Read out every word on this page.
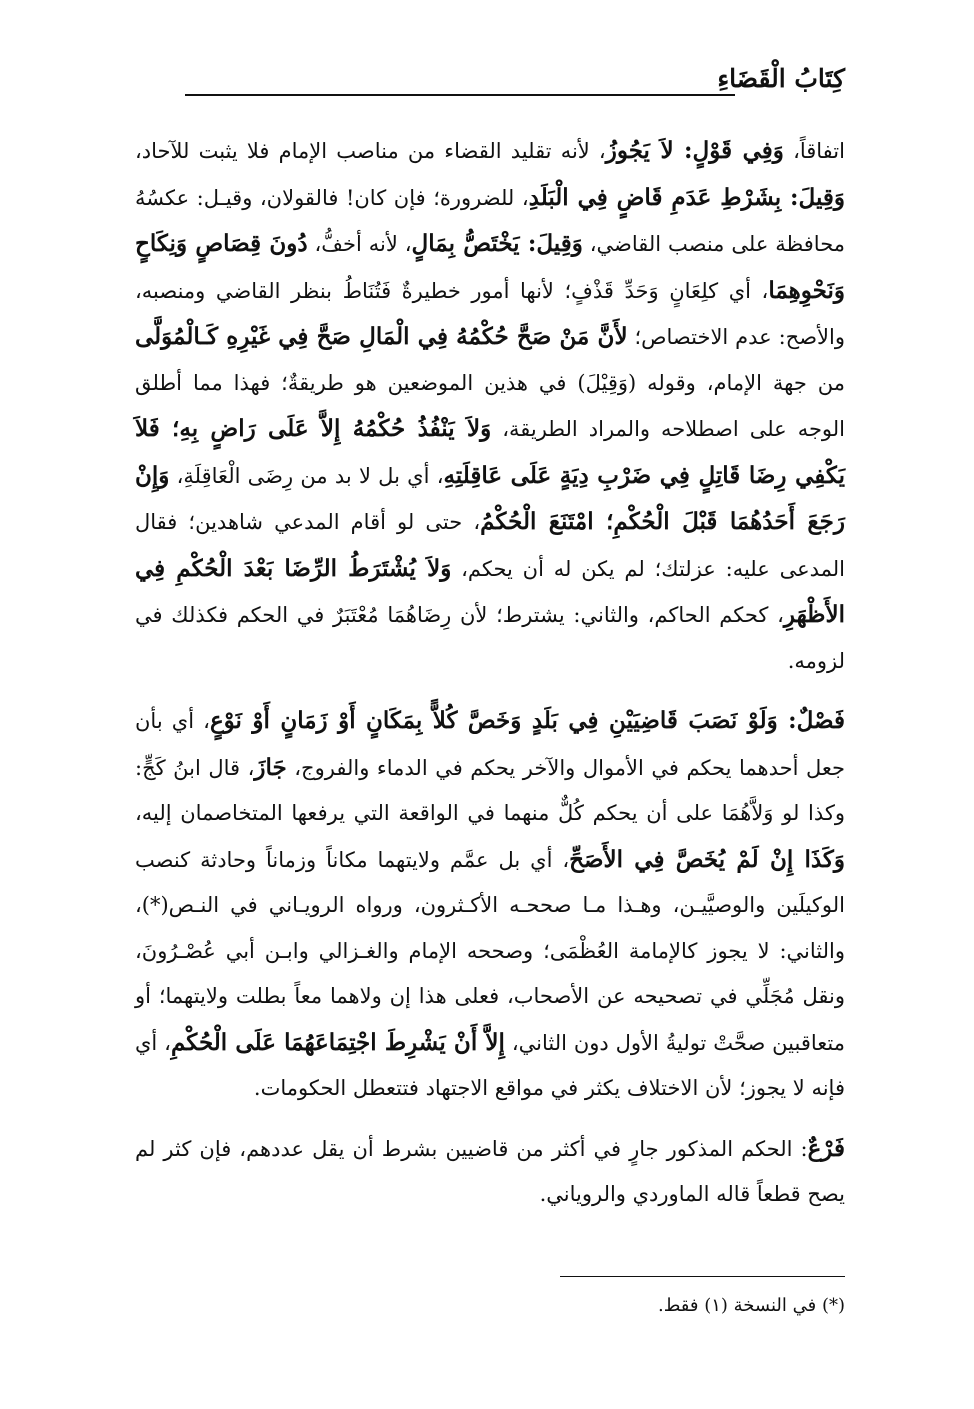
كِتَابُ الْقَضَاءِ

اتفاقاً، وَفِي قَوْلٍ: لاَ يَجُوزُ، لأنه تقليد القضاء من مناصب الإمام فلا يثبت للآحاد، وَقِيلَ: بِشَرْطِ عَدَمِ قَاضٍ فِي الْبَلَدِ، للضرورة؛ فإن كان! فالقولان، وقيـل: عكسُهُ محافظة على منصب القاضي، وَقِيلَ: يَخْتَصُّ بِمَالٍ، لأنه أخفُّ، دُونَ قِصَاصٍ وَنِكَاحٍ وَنَحْوِهِمَا، أي كلِعَانٍ وَحَدِّ قَذْفٍ؛ لأنها أمور خطيرةٌ فَتُنَاطُ بنظر القاضي ومنصبه، والأصح: عدم الاختصاص؛ لأَنَّ مَنْ صَحَّ حُكْمُهُ فِي الْمَالِ صَحَّ فِي غَيْرِهِ كَـالْمُوَلَّى من جهة الإمام، وقوله (وَقِيْلَ) في هذين الموضعين هو طريقةٌ؛ فهذا مما أطلق الوجه على اصطلاحه والمراد الطريقة، وَلاَ يَنْفُذُ حُكْمُهُ إِلاَّ عَلَى رَاضٍ بِهِ؛ فَلاَ يَكْفِي رِضَا قَاتِلٍ فِي ضَرْبِ دِيَةٍ عَلَى عَاقِلَتِهِ، أي بل لا بد من رِضَى الْعَاقِلَةِ، وَإِنْ رَجَعَ أَحَدُهُمَا قَبْلَ الْحُكْمِ؛ امْتَنَعَ الْحُكْمُ، حتى لو أقام المدعي شاهدين؛ فقال المدعى عليه: عزلتك؛ لم يكن له أن يحكم، وَلاَ يُشْتَرَطُ الرِّضَا بَعْدَ الْحُكْمِ فِي الأَظْهَرِ، كحكم الحاكم، والثاني: يشترط؛ لأن رِضَاهُمَا مُعْتَبَرٌ في الحكم فكذلك في لزومه.

فَصْلٌ: وَلَوْ نَصَبَ قَاضِيَيْنِ فِي بَلَدٍ وَخَصَّ كُلاًّ بِمَكَانٍ أَوْ زَمَانٍ أَوْ نَوْعٍ، أي بأن جعل أحدهما يحكم في الأموال والآخر يحكم في الدماء والفروج، جَازَ، قال ابنُ كَجٍّ: وكذا لو وَلاَّهُمَا على أن يحكم كُلٌّ منهما في الواقعة التي يرفعها المتخاصمان إليه، وَكَذَا إِنْ لَمْ يُخَصَّ فِي الأَصَحِّ، أي بل عمَّم ولايتهما مكاناً وزماناً وحادثة كنصب الوكيلَين والوصيَّيـن، وهـذا مـا صححـه الأكـثرون، ورواه الرويـاني في النـص(*)، والثاني: لا يجوز كالإمامة العُظْمَى؛ وصححه الإمام والغـزالي وابـن أبي عُصْـرُونَ، ونقل مُجَلِّي في تصحيحه عن الأصحاب، فعلى هذا إن ولاهما معاً بطلت ولايتهما؛ أو متعاقبين صحَّتْ توليةُ الأول دون الثاني، إِلاَّ أَنْ يَشْرِطَ اجْتِمَاعَهُمَا عَلَى الْحُكْمِ، أي فإنه لا يجوز؛ لأن الاختلاف يكثر في مواقع الاجتهاد فتتعطل الحكومات.

فَرْعٌ: الحكم المذكور جارٍ في أكثر من قاضيين بشرط أن يقل عددهم، فإن كثر لم يصح قطعاً قاله الماوردي والروياني.

(*) في النسخة (١) فقط.
